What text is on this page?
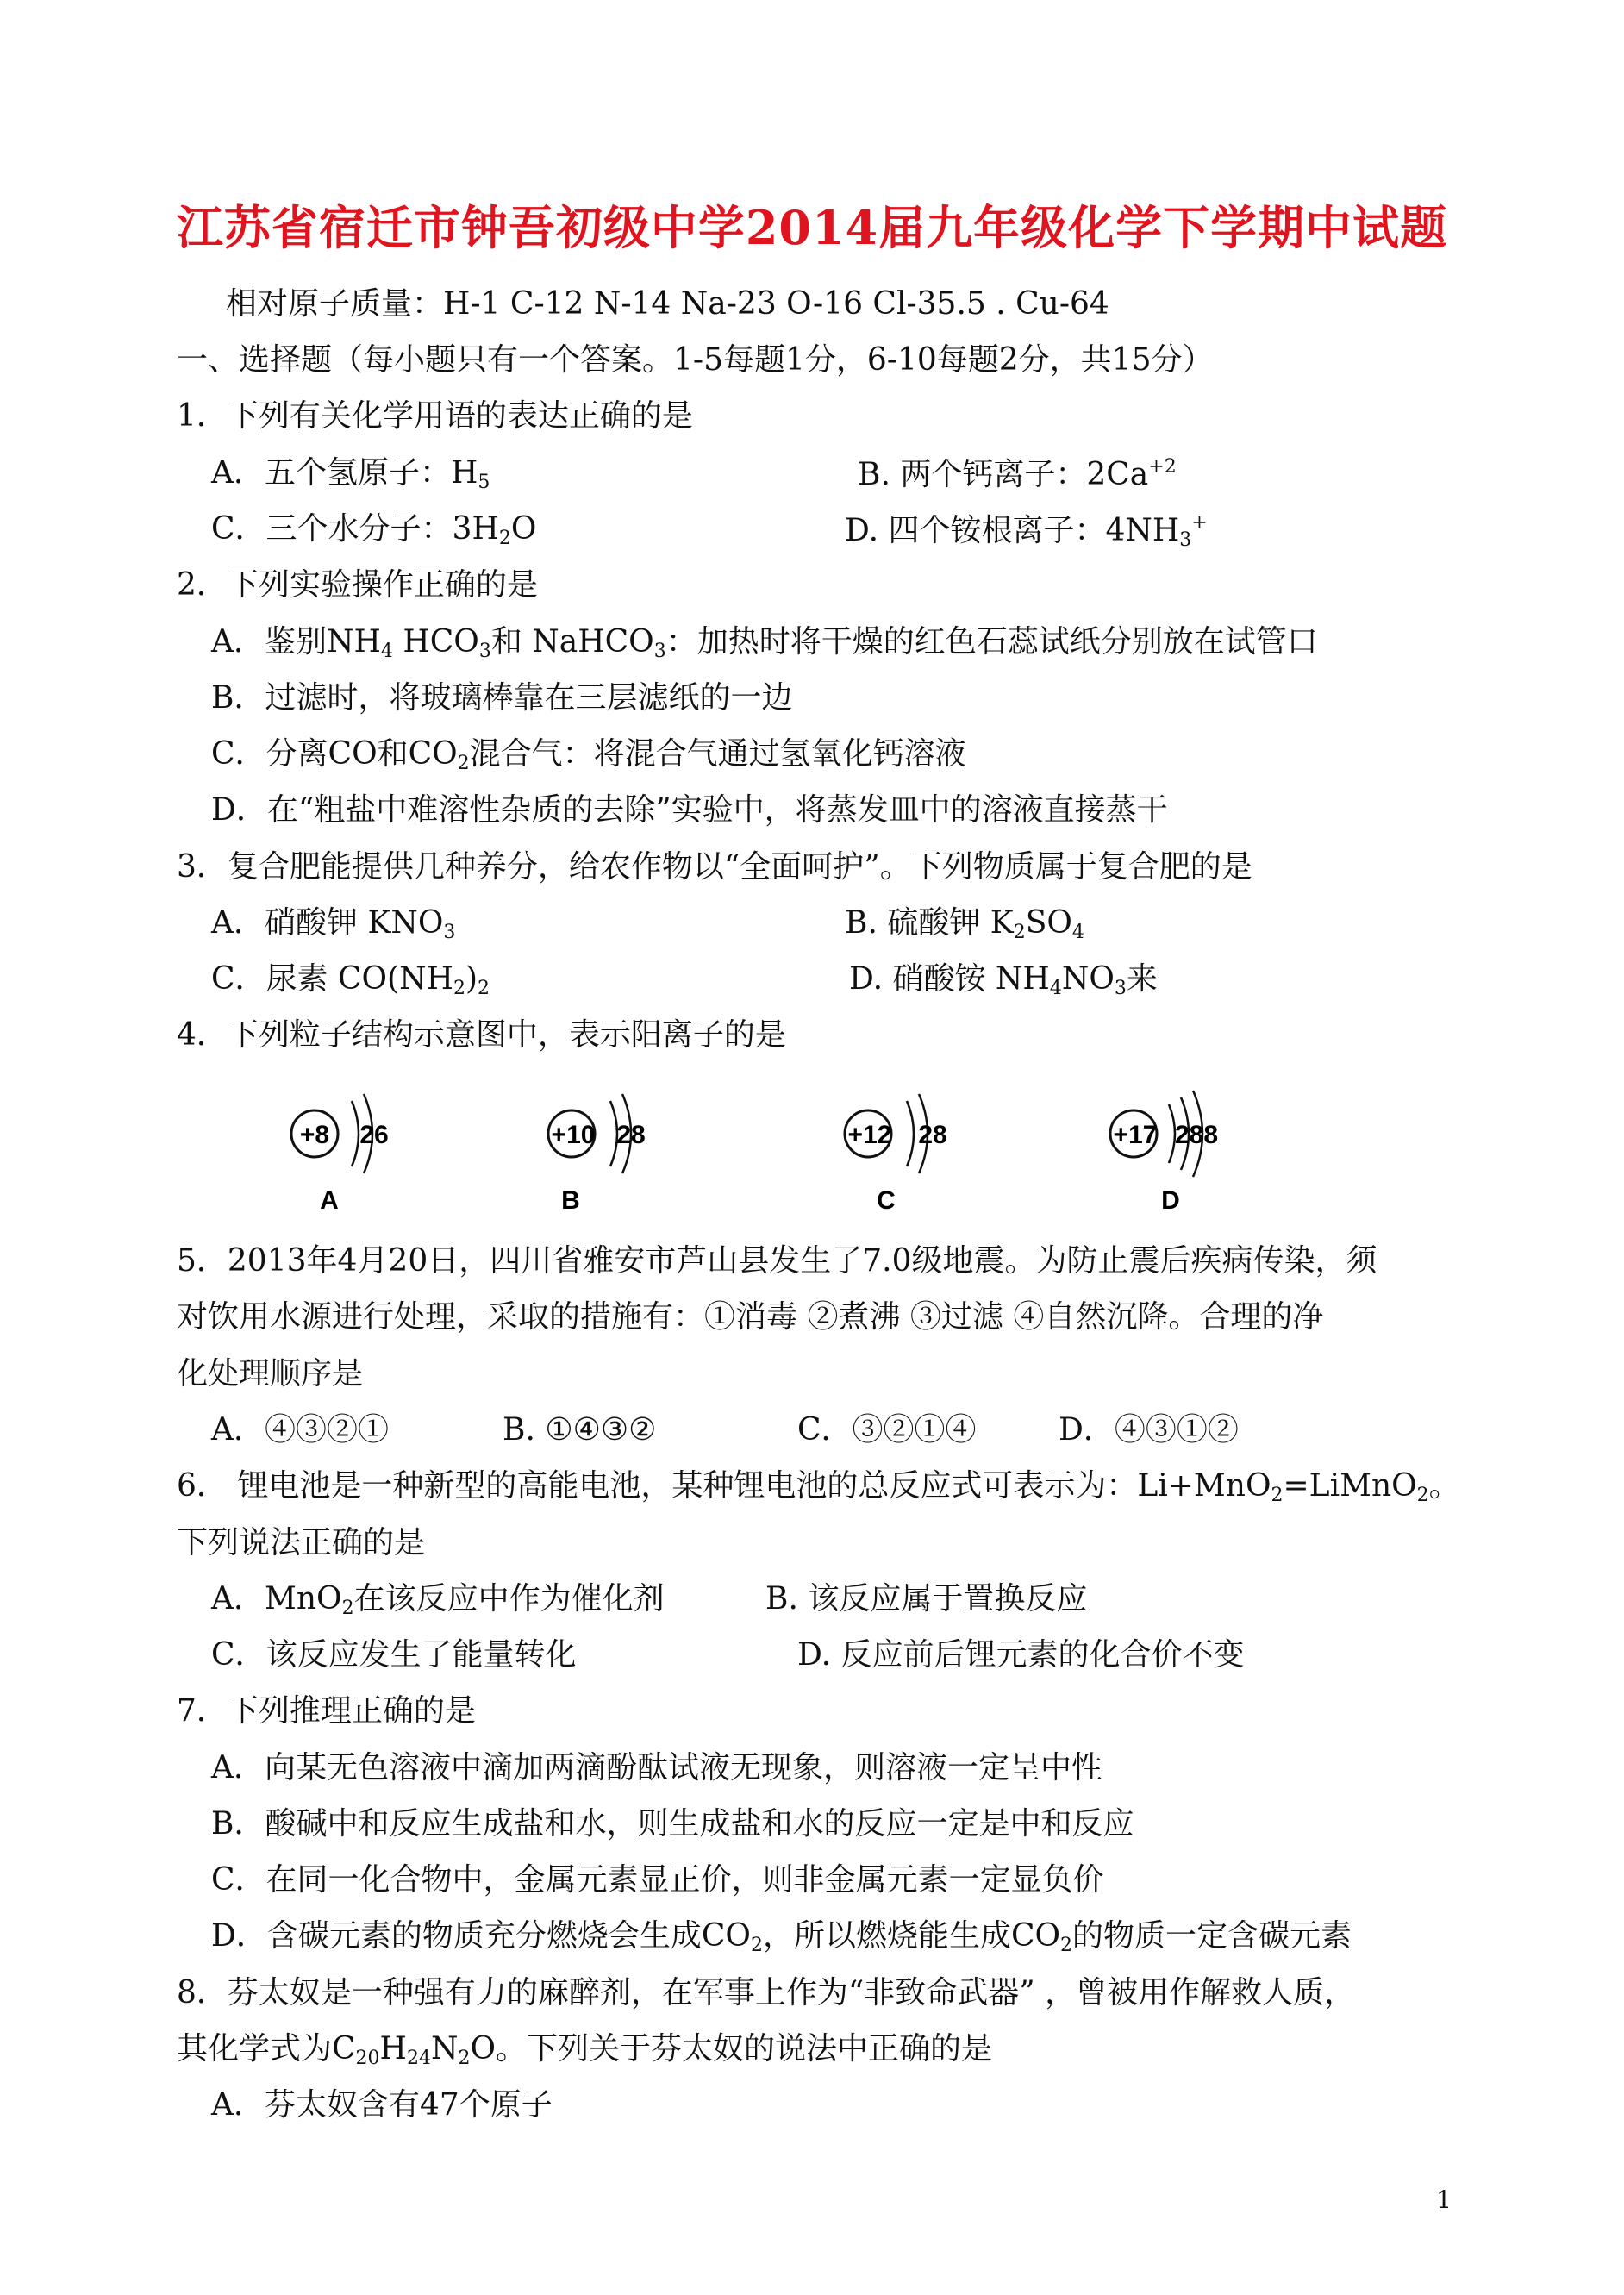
江苏省宿迁市钟吾初级中学2014届九年级化学下学期中试题
相对原子质量：H-1 C-12 N-14 Na-23 O-16 Cl-35.5 . Cu-64
一、选择题（每小题只有一个答案。1-5每题1分，6-10每题2分，共15分）
1．下列有关化学用语的表达正确的是
A．五个氢原子：$H_5$	B. 两个钙离子：$2Ca^{+2}$
C．三个水分子：$3H_2O$	D. 四个铵根离子：$4NH_3^+$
2．下列实验操作正确的是
A．鉴别$NH_4$ $HCO_3$和 NaHCO$_3$：加热时将干燥的红色石蕊试纸分别放在试管口
B．过滤时，将玻璃棒靠在三层滤纸的一边
C．分离CO和$CO_2$混合气：将混合气通过氢氧化钙溶液
D．在“粗盐中难溶性杂质的去除”实验中，将蒸发皿中的溶液直接蒸干
3．复合肥能提供几种养分，给农作物以“全面呵护”。下列物质属于复合肥的是
A．硝酸钾 $KNO_3$	B. 硫酸钾 $K_2SO_4$
C．尿素 $CO(NH_2)_2$	D. 硝酸铵 $NH_4NO_3$来
4．下列粒子结构示意图中，表示阳离子的是
+8 26
A
+10 28
B
+12 28
C
+17 288
D
5．2013年4月20日，四川省雅安市芦山县发生了7.0级地震。为防止震后疾病传染，须
对饮用水源进行处理，采取的措施有：①消毒 ②煮沸 ③过滤 ④自然沉降。合理的净
化处理顺序是
A．④③②①	B. ①④③②	C．③②①④	D．④③①②
6． 锂电池是一种新型的高能电池，某种锂电池的总反应式可表示为：Li+MnO$_2$=LiMnO$_2$。
下列说法正确的是
A．MnO$_2$在该反应中作为催化剂	B. 该反应属于置换反应
C．该反应发生了能量转化	D. 反应前后锂元素的化合价不变
7．下列推理正确的是
A．向某无色溶液中滴加两滴酚酞试液无现象，则溶液一定呈中性
B．酸碱中和反应生成盐和水，则生成盐和水的反应一定是中和反应
C．在同一化合物中，金属元素显正价，则非金属元素一定显负价
D．含碳元素的物质充分燃烧会生成$CO_2$，所以燃烧能生成$CO_2$的物质一定含碳元素
8．芬太奴是一种强有力的麻醉剂，在军事上作为“非致命武器” ，曾被用作解救人质，
其化学式为$C_{20}H_{24}N_2O$。下列关于芬太奴的说法中正确的是
A．芬太奴含有47个原子
1
